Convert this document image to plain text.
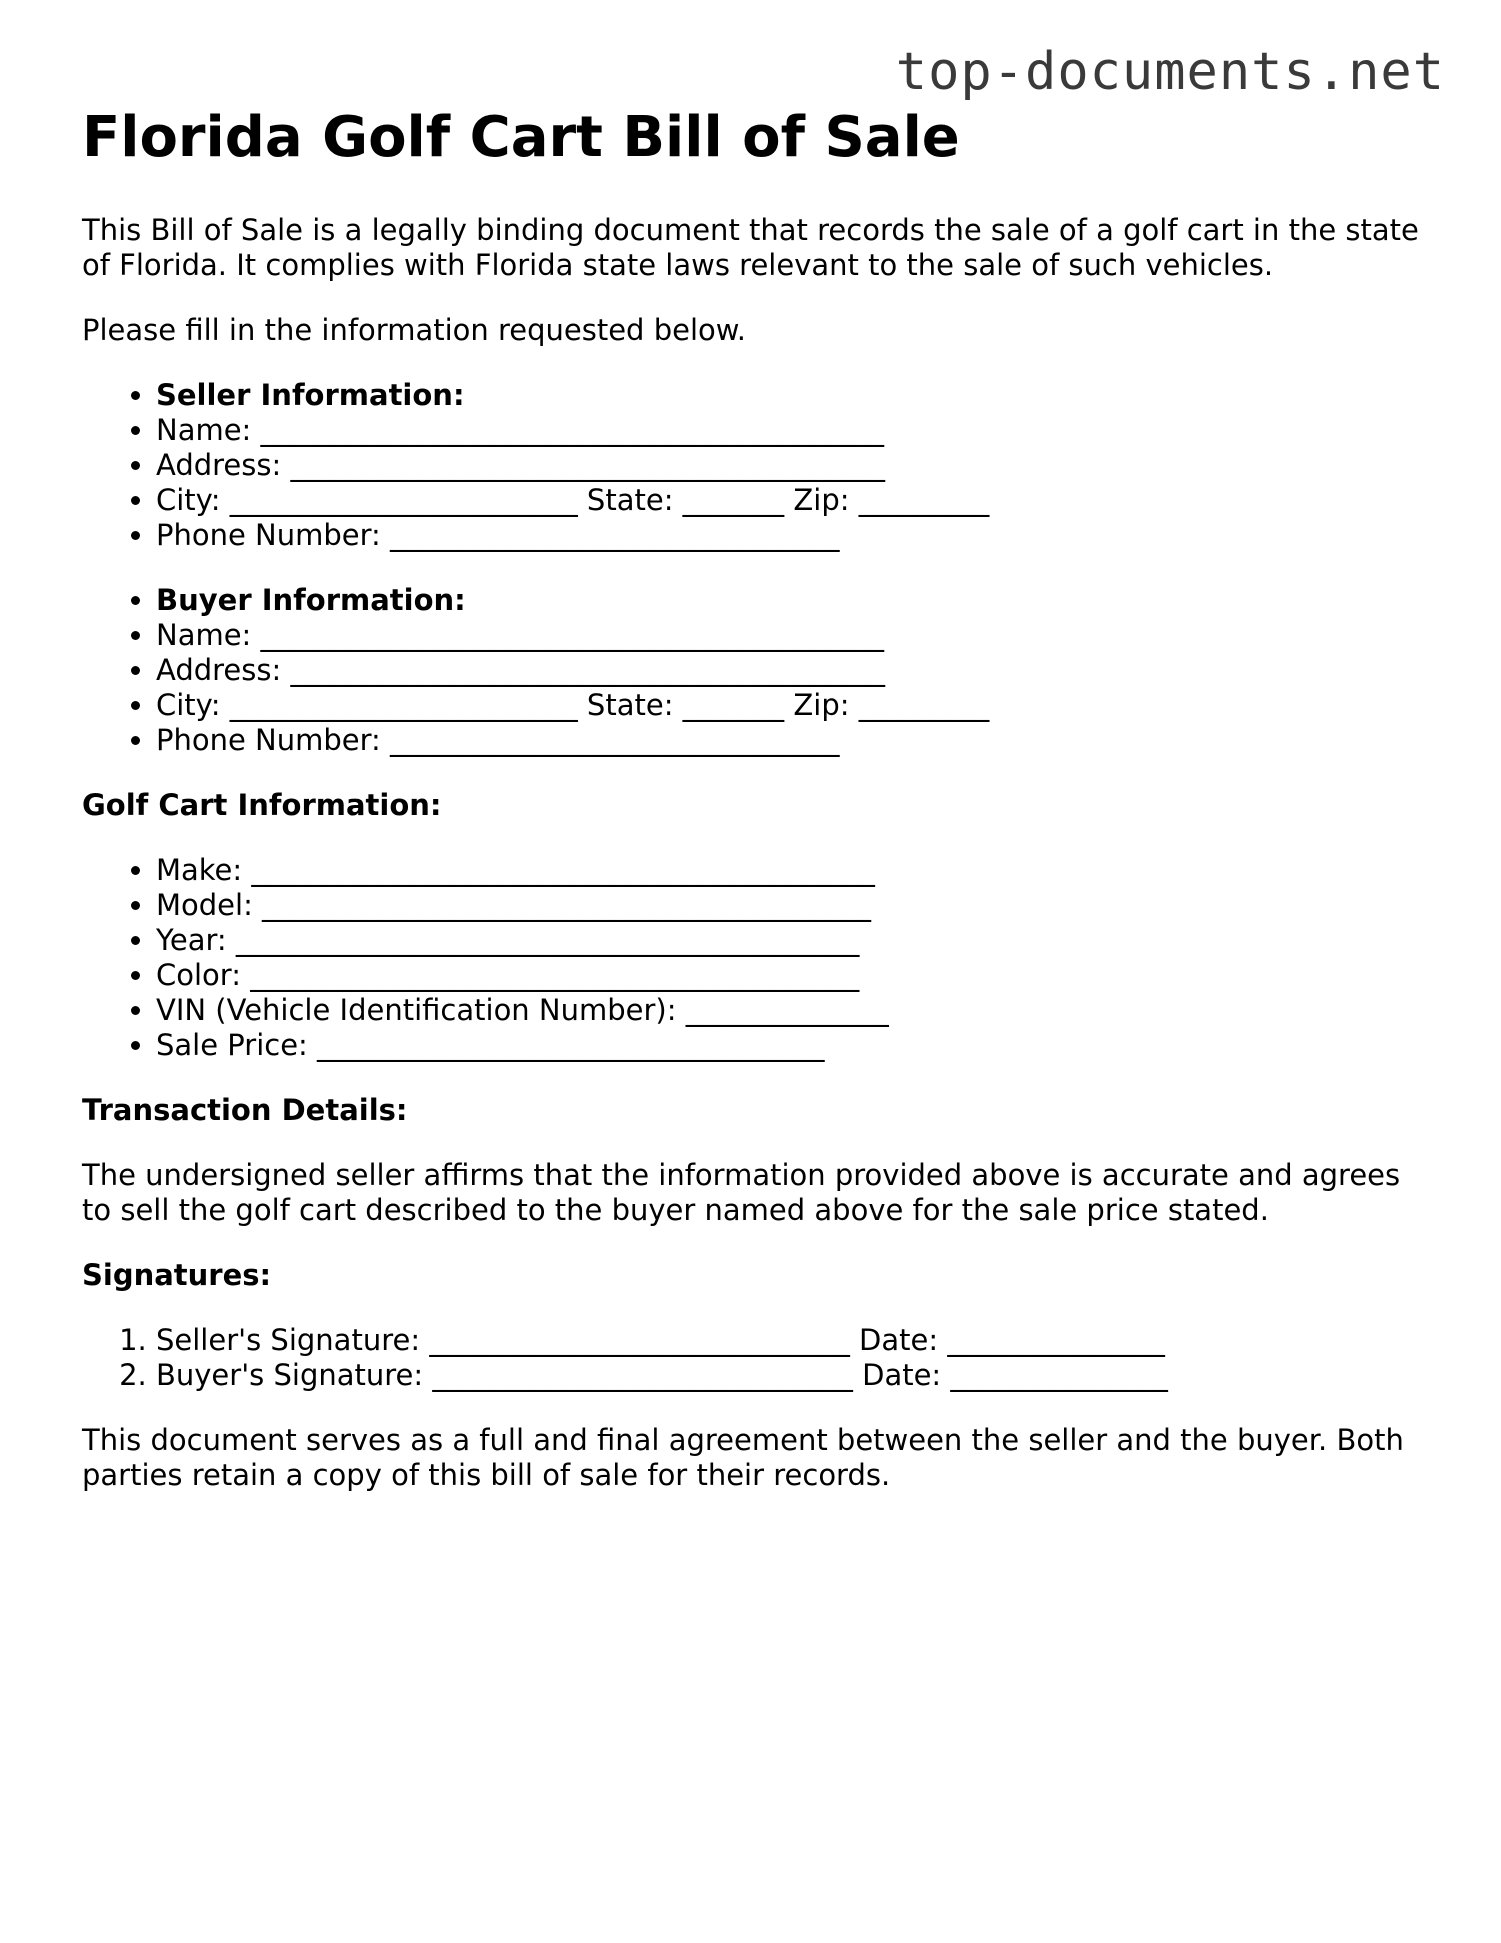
top-documents.net
Florida Golf Cart Bill of Sale

This Bill of Sale is a legally binding document that records the sale of a golf cart in the state of Florida. It complies with Florida state laws relevant to the sale of such vehicles.

Please fill in the information requested below.

• Seller Information:
• Name: ___________________________________________
• Address: _________________________________________
• City: ________________________ State: _______ Zip: _________
• Phone Number: _______________________________
• Buyer Information:
• Name: ___________________________________________
• Address: _________________________________________
• City: ________________________ State: _______ Zip: _________
• Phone Number: _______________________________
Golf Cart Information:
• Make: ___________________________________________
• Model: __________________________________________
• Year: ___________________________________________
• Color: __________________________________________
• VIN (Vehicle Identification Number): ______________
• Sale Price: ___________________________________
Transaction Details:

The undersigned seller affirms that the information provided above is accurate and agrees to sell the golf cart described to the buyer named above for the sale price stated.

Signatures:
1. Seller's Signature: _____________________________ Date: _______________
2. Buyer's Signature: _____________________________ Date: _______________

This document serves as a full and final agreement between the seller and the buyer. Both parties retain a copy of this bill of sale for their records.
